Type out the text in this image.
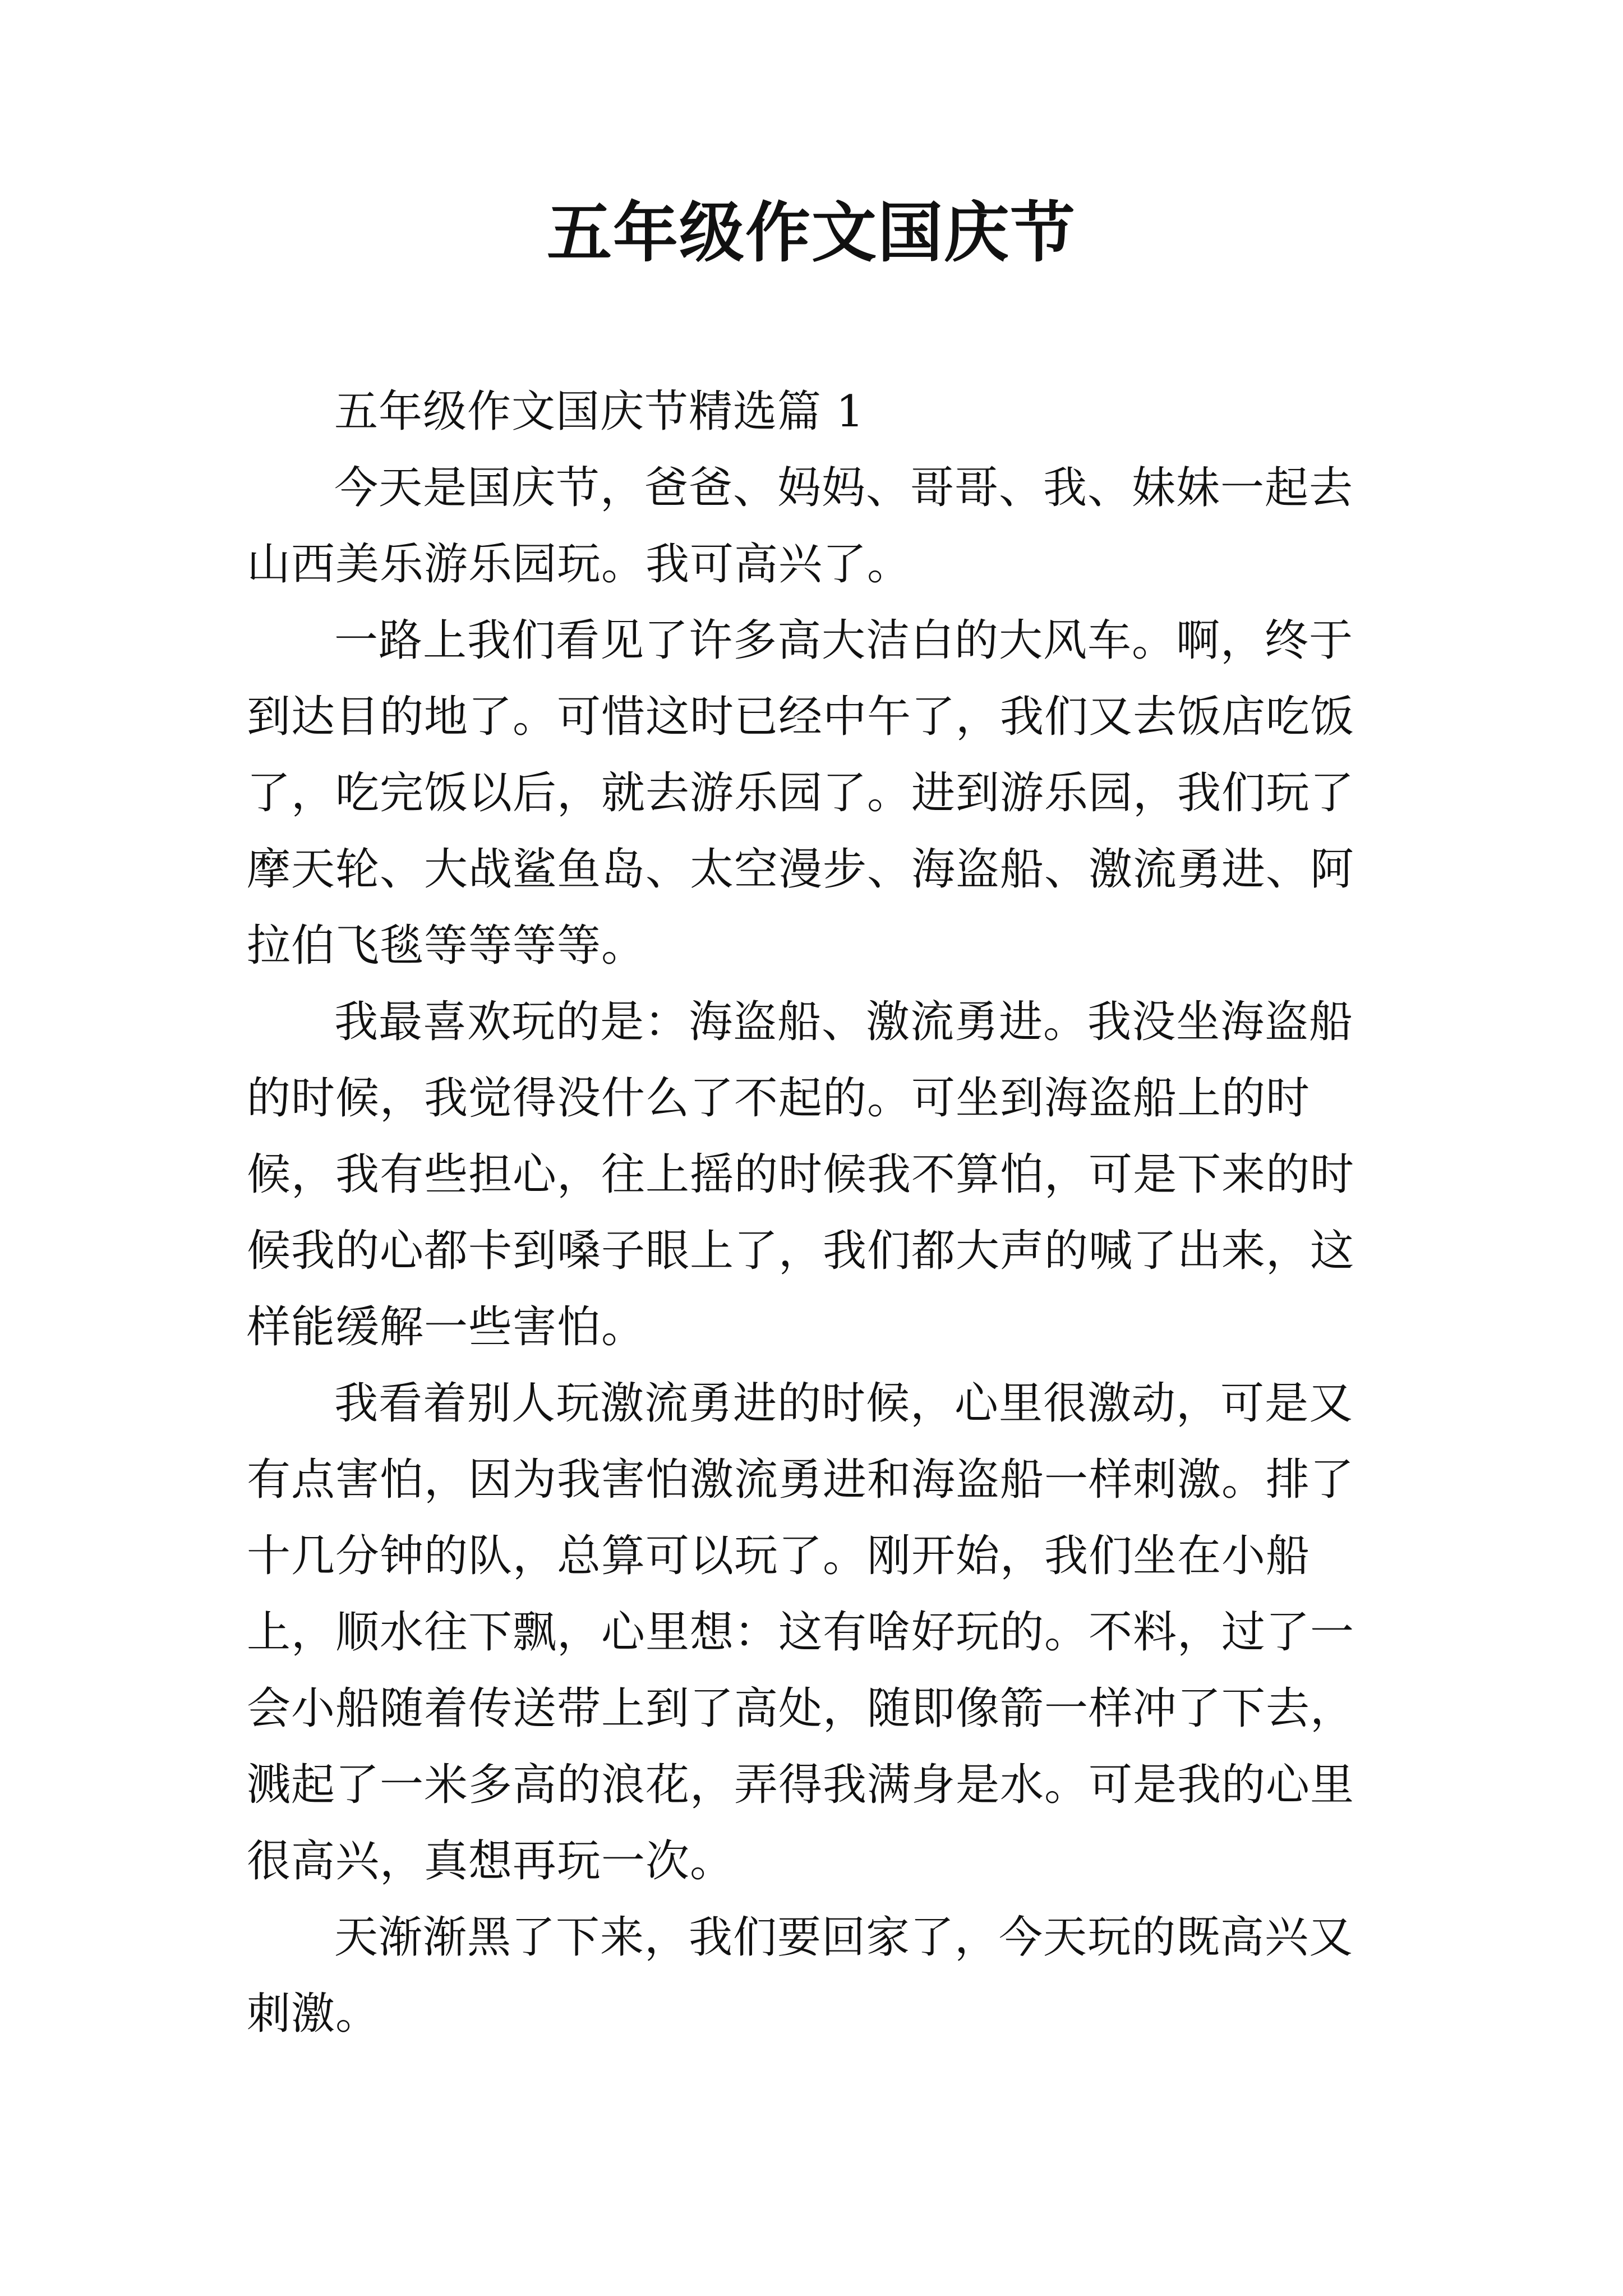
五年级作文国庆节

五年级作文国庆节精选篇 1

今天是国庆节，爸爸、妈妈、哥哥、我、妹妹一起去山西美乐游乐园玩。我可高兴了。

一路上我们看见了许多高大洁白的大风车。啊，终于到达目的地了。可惜这时已经中午了，我们又去饭店吃饭了，吃完饭以后，就去游乐园了。进到游乐园，我们玩了摩天轮、大战鲨鱼岛、太空漫步、海盗船、激流勇进、阿拉伯飞毯等等等等。

我最喜欢玩的是：海盗船、激流勇进。我没坐海盗船的时候，我觉得没什么了不起的。可坐到海盗船上的时候，我有些担心，往上摇的时候我不算怕，可是下来的时候我的心都卡到嗓子眼上了，我们都大声的喊了出来，这样能缓解一些害怕。

我看着别人玩激流勇进的时候，心里很激动，可是又有点害怕，因为我害怕激流勇进和海盗船一样刺激。排了十几分钟的队，总算可以玩了。刚开始，我们坐在小船上，顺水往下飘，心里想：这有啥好玩的。不料，过了一会小船随着传送带上到了高处，随即像箭一样冲了下去，溅起了一米多高的浪花，弄得我满身是水。可是我的心里很高兴，真想再玩一次。

天渐渐黑了下来，我们要回家了，今天玩的既高兴又刺激。
